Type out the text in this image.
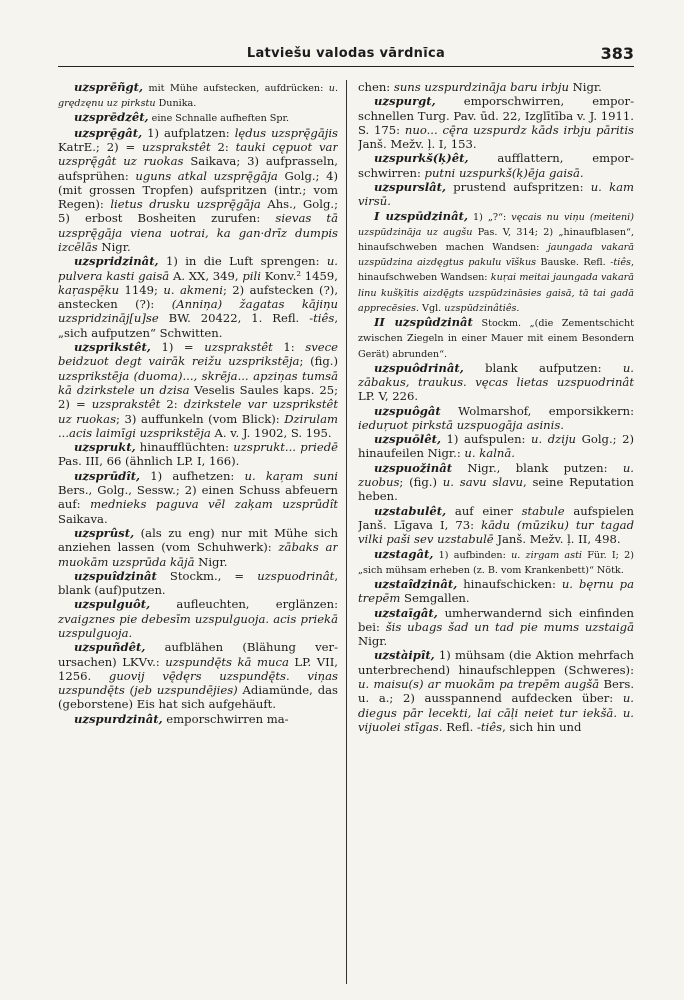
Latviešu valodas vārdnīca	383

uzsprēñgt, mit Mühe aufstecken, aufdrücken: u. grędzęnu uz pirkstu Dunika.

uzsprēdzêt, eine Schnalle aufheften Spr.

uzsprę̄gât, 1) aufplatzen: lędus uzsprę̄gājis KatrE.; 2) = uzsprakstêt 2: tauki cępuot var uzsprę̄gât uz ruokas Saikava; 3) aufprasseln, aufsprühen: uguns atkal uzsprę̄gāja Golg.; 4) (mit grossen Tropfen) aufspritzen (intr.; vom Regen): lietus drusku uzsprę̄gāja Ahs., Golg.; 5) erbost Bosheiten zurufen: sievas tā uzsprę̄gāja viena uotrai, ka gan·drīz dumpis izcēlās Nigr.

uzspridzinât, 1) in die Luft sprengen: u. pulvera kasti gaisā A. XX, 349, pili Konv.² 1459, kaŗaspē̦ku 1149; u. akmeni; 2) aufstecken (?), anstecken (?): (Anniņa) žagatas kājiņu uzspridzināj[u]se BW. 20422, 1. Refl. -tiês, „sich aufputzen“ Schwitten.

uzsprikstêt, 1) = uzsprakstêt 1: svece beidzuot degt vairāk reižu uzsprikstēja; (fig.) uzsprikstēja (duoma)..., skrēja... apziņas tumsā kā dzirkstele un dzisa Veselis Saules kaps. 25; 2) = uzsprakstêt 2: dzirkstele var uzsprikstêt uz ruokas; 3) auffunkeln (vom Blick): Dzirulam ...acis laimīgi uzsprikstēja A. v. J. 1902, S. 195.

uzsprukt, hinaufflüchten: uzsprukt... priedē Pas. III, 66 (ähnlich LP. I, 166).

uzsprūdît, 1) aufhetzen: u. kaŗam suni Bers., Golg., Sessw.; 2) einen Schuss abfeuern auf: mednieks paguva vēl zaķam uzsprūdît Saikava.

uzsprûst, (als zu eng) nur mit Mühe sich anziehen lassen (vom Schuhwerk): zābaks ar muokām uzsprūda kājā Nigr.

uzspuîdzinât Stockm., = uzspuodrinât, blank (auf)putzen.

uzspulguôt, aufleuchten, erglänzen: zvaigznes pie debesīm uzspulguoja. acis priekā uzspulguoja.

uzspuñdêt, aufblähen (Blähung verursachen) LKVv.: uzspundę̄ts kā muca LP. VII, 1256. guovij vę̄dęrs uzspundę̄ts. viņas uzspundę̄ts (jeb uzspundējies) Adiamünde, das (geborstene) Eis hat sich aufgehäuft.

uzspurdzinât, emporschwirren ma-

chen: suns uzspurdzināja baru irbju Nigr.

uzspurgt, emporschwirren, emporschnellen Turg. Pav. ūd. 22, Izglītība v. J. 1911. S. 175: nuo... cę̄ra uzspurdz kāds irbju pāritis Janš. Mežv. ļ. I, 153.

uzspurkš(ķ)êt, aufflattern, emporschwirren: putni uzspurkš(ķ)ēja gaisā.

uzspurslât, prustend aufspritzen: u. kam virsū.

I uzspūdzinât, 1) „?“: vęcais nu viņu (meiteni) uzspūdzināja uz augšu Pas. V, 314; 2) „hinaufblasen“, hinaufschweben machen Wandsen: jaungada vakarā uzspūdzina aizdęgtus pakulu vīškus Bauske. Refl. -tiês, hinaufschweben Wandsen: kuŗai meitai jaungada vakarā linu kušķītis aizdę̄gts uzspūdzināsies gaisā, tā tai gadā apprecēsies. Vgl. uzspūdzinâtiês.

II uzspûdzinât Stockm. „(die Zementschicht zwischen Ziegeln in einer Mauer mit einem Besondern Gerät) abrunden“.

uzspuôdrinât, blank aufputzen: u. zābakus, traukus. vęcas lietas uzspuodrinât LP. V, 226.

uzspuôgât Wolmarshof, emporsikkern: ieduŗuot pirkstā uzspuogāja asinis.

uzspuōlêt, 1) aufspulen: u. dziju Golg.; 2) hinaufeilen Nigr.: u. kalnā.

uzspuožinât Nigr., blank putzen: u. zuobus; (fig.) u. savu slavu, seine Reputation heben.

uzstabulêt, auf einer stabule aufspielen Janš. Līgava I, 73: kādu (mūziku) tur tagad vilki paši sev uzstabulē Janš. Mežv. ļ. II, 498.

uzstagât, 1) aufbinden: u. zirgam asti Für. I; 2) „sich mühsam erheben (z. B. vom Krankenbett)“ Nötk.

uzstaîdzinât, hinaufschicken: u. bęrnu pa trepēm Semgallen.

uzstaīgât, umherwandernd sich einfinden bei: šis ubags šad un tad pie mums uzstaigā Nigr.

uzstàipît, 1) mühsam (die Aktion mehrfach unterbrechend) hinaufschleppen (Schweres): u. maisu(s) ar muokām pa trepēm augšā Bers. u. a.; 2) ausspannend aufdecken über: u. diegus pār lecekti, lai cāļi neiet tur iekšā. u. vijuolei stīgas. Refl. -tiês, sich hin und
